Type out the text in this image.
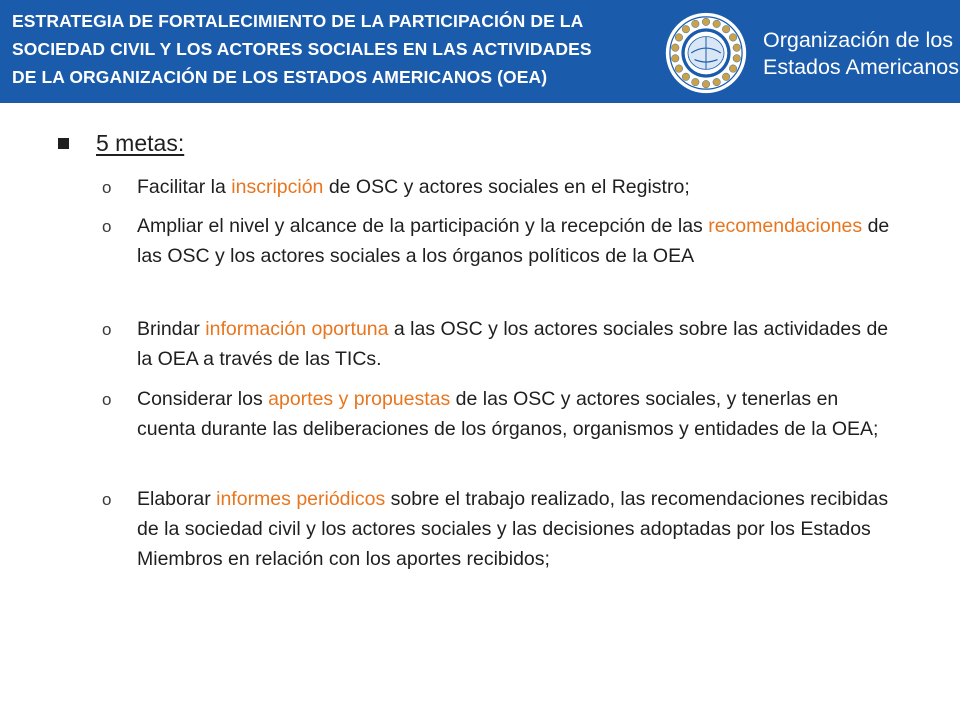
ESTRATEGIA DE FORTALECIMIENTO DE LA PARTICIPACIÓN DE LA
SOCIEDAD CIVIL Y LOS ACTORES SOCIALES EN LAS ACTIVIDADES
DE LA ORGANIZACIÓN DE LOS ESTADOS AMERICANOS (OEA)
Organización de los
Estados Americanos
5 metas:
o Facilitar la inscripción de OSC y actores sociales en el Registro;
o Ampliar el nivel y alcance de la participación y la recepción de las recomendaciones de las OSC y los actores sociales a los órganos políticos de la OEA
o Brindar información oportuna a las OSC y los actores sociales sobre las actividades de la OEA a través de las TICs.
o Considerar los aportes y propuestas de las OSC y actores sociales, y tenerlas en cuenta durante las deliberaciones de los órganos, organismos y entidades de la OEA;
o Elaborar informes periódicos sobre el trabajo realizado, las recomendaciones recibidas de la sociedad civil y los actores sociales y las decisiones adoptadas por los Estados Miembros en relación con los aportes recibidos;
